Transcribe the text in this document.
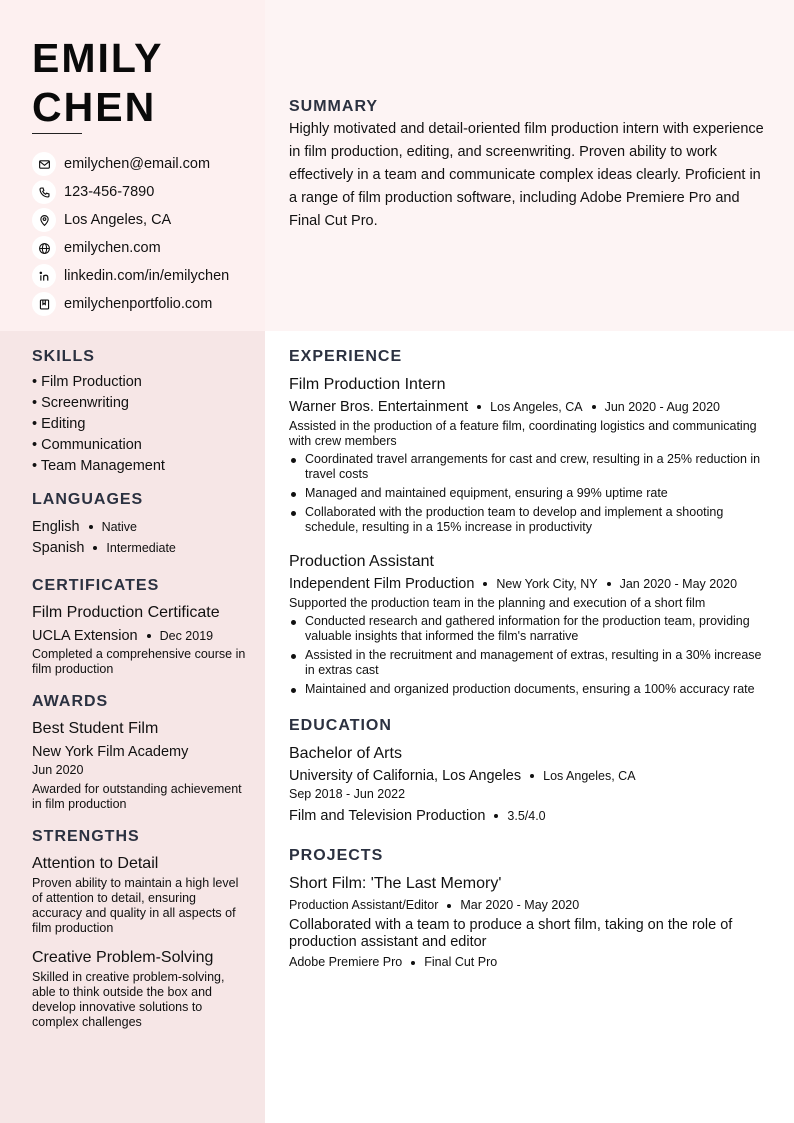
EMILY
CHEN
emilychen@email.com
123-456-7890
Los Angeles, CA
emilychen.com
linkedin.com/in/emilychen
emilychenportfolio.com
SUMMARY
Highly motivated and detail-oriented film production intern with experience in film production, editing, and screenwriting. Proven ability to work effectively in a team and communicate complex ideas clearly. Proficient in a range of film production software, including Adobe Premiere Pro and Final Cut Pro.
SKILLS
• Film Production
• Screenwriting
• Editing
• Communication
• Team Management
LANGUAGES
English Native
Spanish Intermediate
CERTIFICATES
Film Production Certificate
UCLA Extension Dec 2019
Completed a comprehensive course in film production
AWARDS
Best Student Film
New York Film Academy
Jun 2020
Awarded for outstanding achievement in film production
STRENGTHS
Attention to Detail
Proven ability to maintain a high level of attention to detail, ensuring accuracy and quality in all aspects of film production
Creative Problem-Solving
Skilled in creative problem-solving, able to think outside the box and develop innovative solutions to complex challenges
EXPERIENCE
Film Production Intern
Warner Bros. Entertainment Los Angeles, CA Jun 2020 - Aug 2020
Assisted in the production of a feature film, coordinating logistics and communicating with crew members
Coordinated travel arrangements for cast and crew, resulting in a 25% reduction in travel costs
Managed and maintained equipment, ensuring a 99% uptime rate
Collaborated with the production team to develop and implement a shooting schedule, resulting in a 15% increase in productivity
Production Assistant
Independent Film Production New York City, NY Jan 2020 - May 2020
Supported the production team in the planning and execution of a short film
Conducted research and gathered information for the production team, providing valuable insights that informed the film's narrative
Assisted in the recruitment and management of extras, resulting in a 30% increase in extras cast
Maintained and organized production documents, ensuring a 100% accuracy rate
EDUCATION
Bachelor of Arts
University of California, Los Angeles Los Angeles, CA
Sep 2018 - Jun 2022
Film and Television Production 3.5/4.0
PROJECTS
Short Film: 'The Last Memory'
Production Assistant/Editor Mar 2020 - May 2020
Collaborated with a team to produce a short film, taking on the role of production assistant and editor
Adobe Premiere Pro Final Cut Pro
